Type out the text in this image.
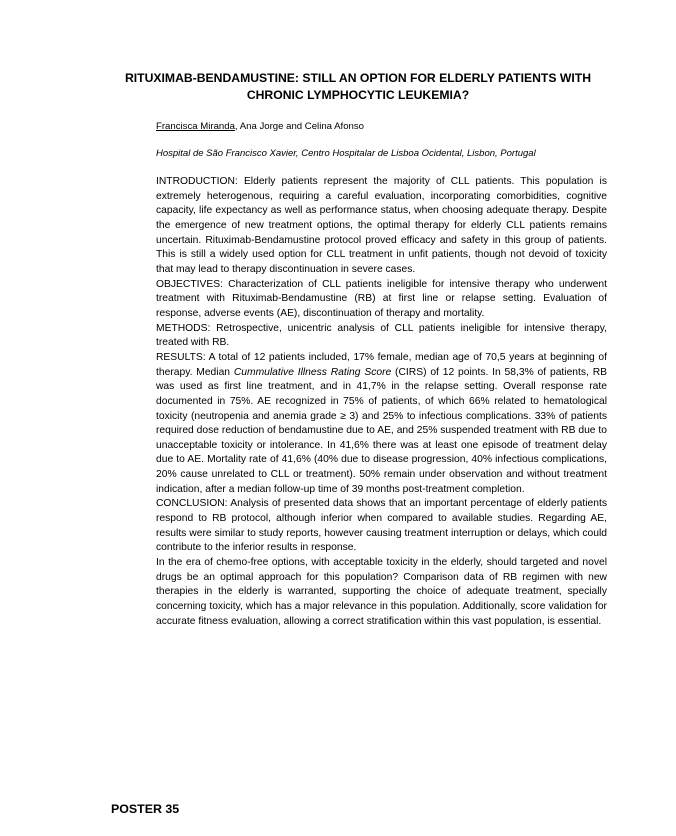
RITUXIMAB-BENDAMUSTINE: STILL AN OPTION FOR ELDERLY PATIENTS WITH
CHRONIC LYMPHOCYTIC LEUKEMIA?
Francisca Miranda, Ana Jorge and Celina Afonso
Hospital de São Francisco Xavier, Centro Hospitalar de Lisboa Ocidental, Lisbon, Portugal

INTRODUCTION: Elderly patients represent the majority of CLL patients. This population is extremely heterogenous, requiring a careful evaluation, incorporating comorbidities, cognitive capacity, life expectancy as well as performance status, when choosing adequate therapy. Despite the emergence of new treatment options, the optimal therapy for elderly CLL patients remains uncertain. Rituximab-Bendamustine protocol proved efficacy and safety in this group of patients. This is still a widely used option for CLL treatment in unfit patients, though not devoid of toxicity that may lead to therapy discontinuation in severe cases.

OBJECTIVES: Characterization of CLL patients ineligible for intensive therapy who underwent treatment with Rituximab-Bendamustine (RB) at first line or relapse setting. Evaluation of response, adverse events (AE), discontinuation of therapy and mortality.

METHODS: Retrospective, unicentric analysis of CLL patients ineligible for intensive therapy, treated with RB.

RESULTS: A total of 12 patients included, 17% female, median age of 70,5 years at beginning of therapy. Median Cummulative Illness Rating Score (CIRS) of 12 points. In 58,3% of patients, RB was used as first line treatment, and in 41,7% in the relapse setting. Overall response rate documented in 75%. AE recognized in 75% of patients, of which 66% related to hematological toxicity (neutropenia and anemia grade ≥ 3) and 25% to infectious complications. 33% of patients required dose reduction of bendamustine due to AE, and 25% suspended treatment with RB due to unacceptable toxicity or intolerance. In 41,6% there was at least one episode of treatment delay due to AE. Mortality rate of 41,6% (40% due to disease progression, 40% infectious complications, 20% cause unrelated to CLL or treatment). 50% remain under observation and without treatment indication, after a median follow-up time of 39 months post-treatment completion.

CONCLUSION: Analysis of presented data shows that an important percentage of elderly patients respond to RB protocol, although inferior when compared to available studies. Regarding AE, results were similar to study reports, however causing treatment interruption or delays, which could contribute to the inferior results in response.

In the era of chemo-free options, with acceptable toxicity in the elderly, should targeted and novel drugs be an optimal approach for this population? Comparison data of RB regimen with new therapies in the elderly is warranted, supporting the choice of adequate treatment, specially concerning toxicity, which has a major relevance in this population. Additionally, score validation for accurate fitness evaluation, allowing a correct stratification within this vast population, is essential.

POSTER 35
